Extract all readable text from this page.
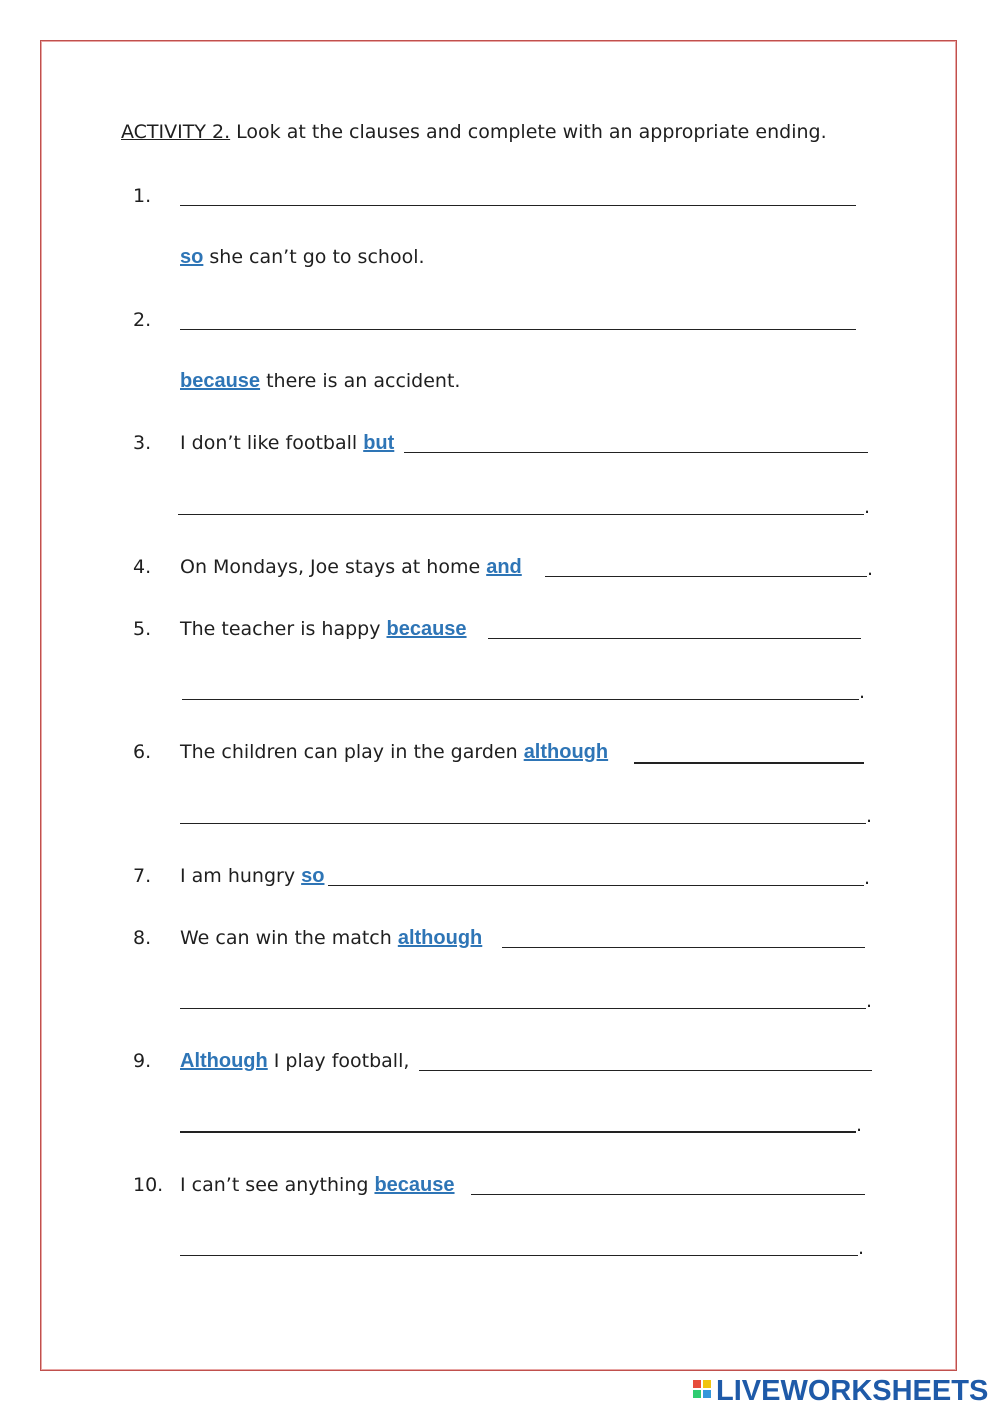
ACTIVITY 2. Look at the clauses and complete with an appropriate ending.
1.
so she can’t go to school.
2.
because there is an accident.
3. I don’t like football but
.
4. On Mondays, Joe stays at home and	.
5. The teacher is happy because
.
6. The children can play in the garden although
.
7. I am hungry so	.
8. We can win the match although
.
9. Although I play football,
.
10. I can’t see anything because
.
LIVEWORKSHEETS
